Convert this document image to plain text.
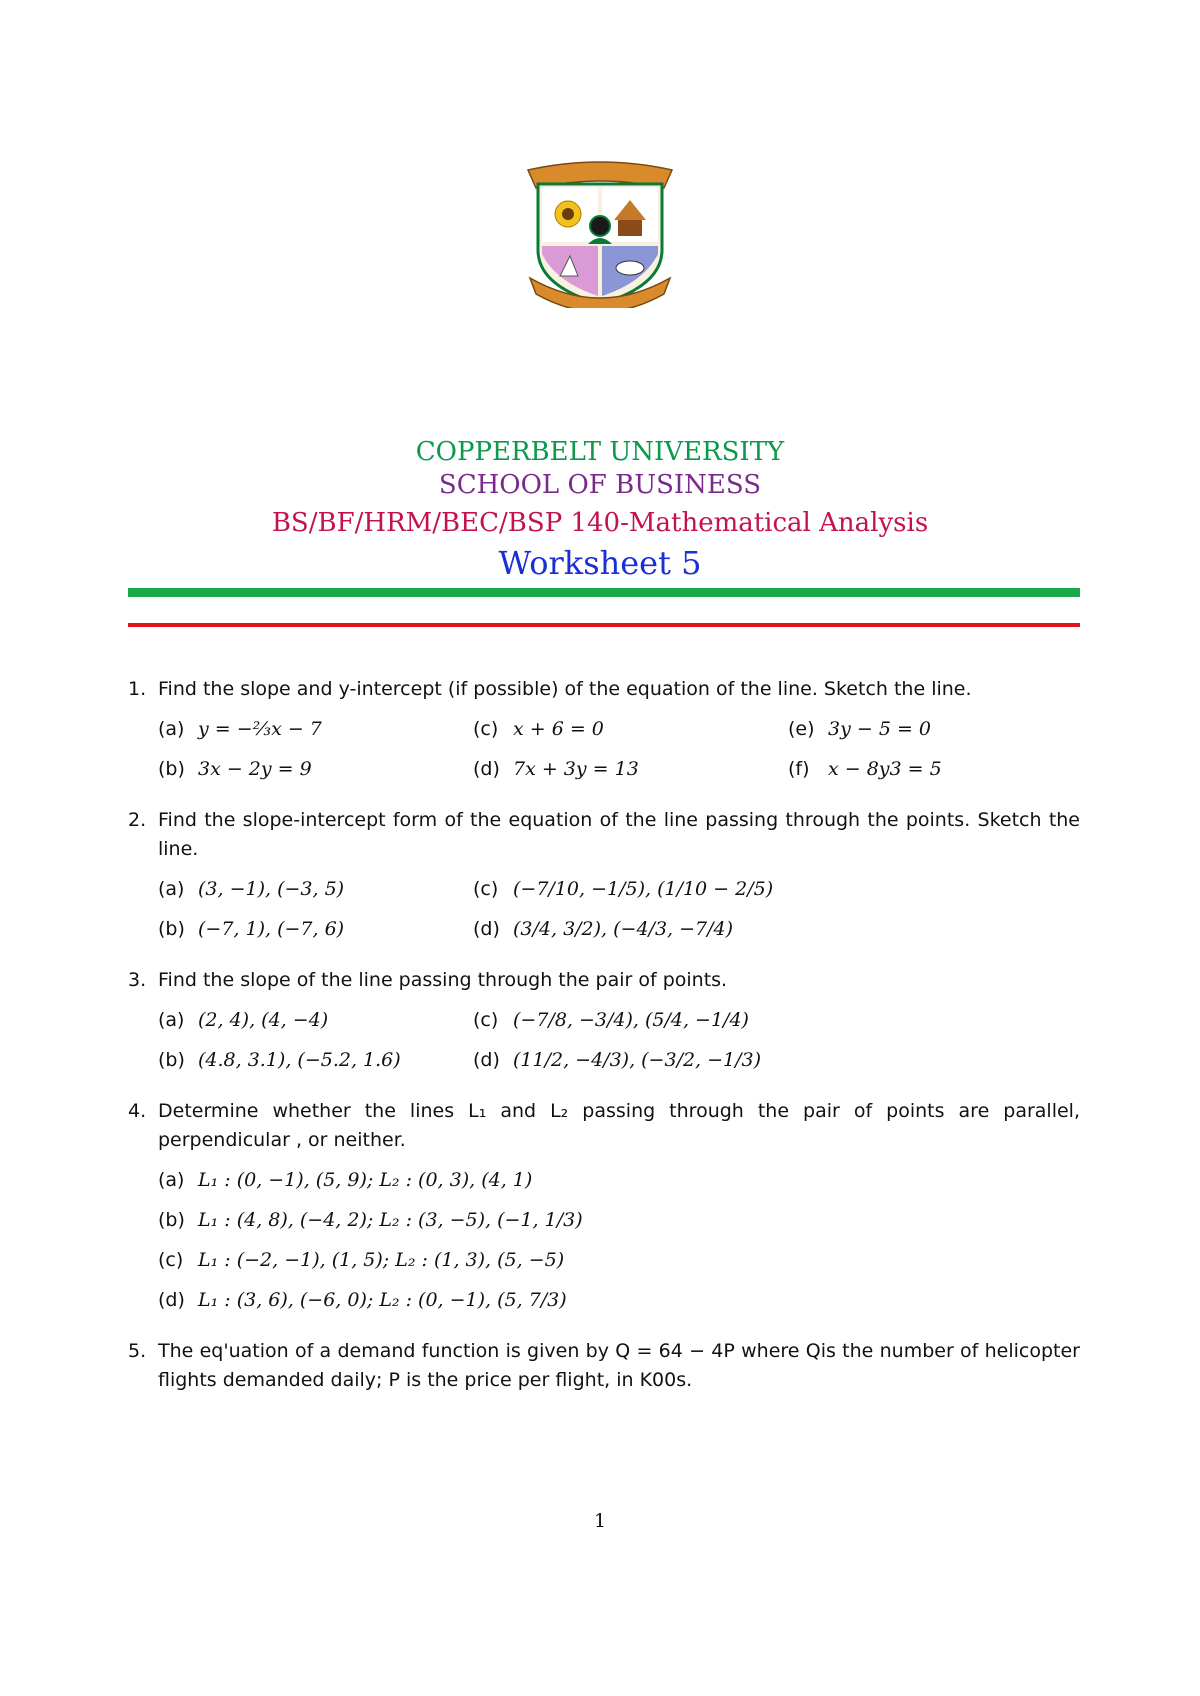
COPPERBELT UNIVERSITY
SCHOOL OF BUSINESS
BS/BF/HRM/BEC/BSP 140-Mathematical Analysis
Worksheet 5
1. Find the slope and y-intercept (if possible) of the equation of the line. Sketch the line.
(a) y = −⅔x − 7	(c) x + 6 = 0	(e) 3y − 5 = 0
(b) 3x − 2y = 9	(d) 7x + 3y = 13	(f) x − 8y3 = 5
2. Find the slope-intercept form of the equation of the line passing through the points. Sketch the line.
(a) (3, −1), (−3, 5)	(c) (−7/10, −1/5), (1/10 − 2/5)
(b) (−7, 1), (−7, 6)	(d) (3/4, 3/2), (−4/3, −7/4)
3. Find the slope of the line passing through the pair of points.
(a) (2, 4), (4, −4)	(c) (−7/8, −3/4), (5/4, −1/4)
(b) (4.8, 3.1), (−5.2, 1.6)	(d) (11/2, −4/3), (−3/2, −1/3)
4. Determine whether the lines L₁ and L₂ passing through the pair of points are parallel, perpendicular , or neither.
(a) L₁ : (0, −1), (5, 9); L₂ : (0, 3), (4, 1)
(b) L₁ : (4, 8), (−4, 2); L₂ : (3, −5), (−1, 1/3)
(c) L₁ : (−2, −1), (1, 5); L₂ : (1, 3), (5, −5)
(d) L₁ : (3, 6), (−6, 0); L₂ : (0, −1), (5, 7/3)
5. The eq'uation of a demand function is given by Q = 64 − 4P where Qis the number of helicopter flights demanded daily; P is the price per flight, in K00s.
1
